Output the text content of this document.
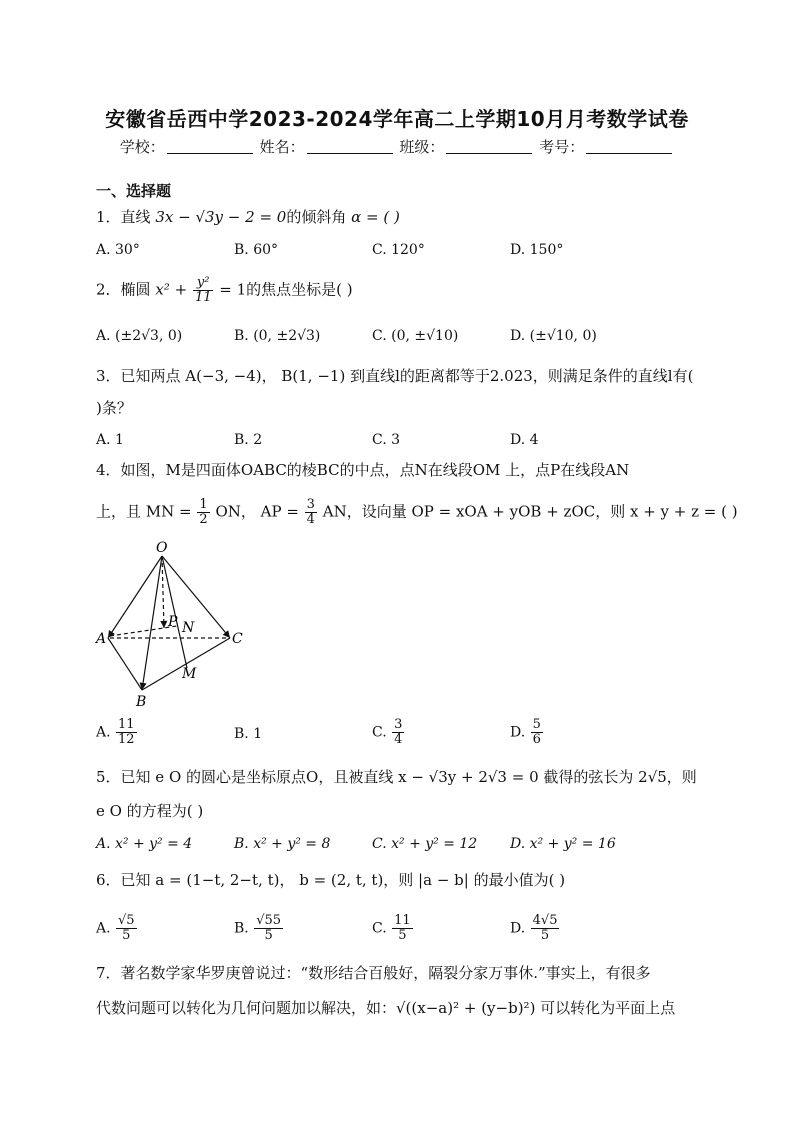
安徽省岳西中学2023-2024学年高二上学期10月月考数学试卷
学校：	姓名：	班级：	考号：
一、选择题
1．直线 3x − √3y − 2 = 0的倾斜角 α = ( )
A. 30°	B. 60°	C. 120°	D. 150°
2．椭圆 $x^2 + \frac{\text{y²}}{11} = 1$的焦点坐标是( )
A. (±2√3, 0)	B. (0, ±2√3)	C. (0, ±√10)	D. (±√10, 0)
3．已知两点 A(−3, −4)， B(1, −1) 到直线l的距离都等于2.023，则满足条件的直线l有(
)条？
A. 1	B. 2	C. 3	D. 4
4．如图，M是四面体OABC的棱BC的中点，点N在线段OM 上，点P在线段AN
上，且 MN = $\frac{1}{2}$ ON， AP = $\frac{3}{4}$ AN，设向量 OP = xOA + yOB + zOC，则 x + y + z = ( )
O
A
B
C
P N
M
A. $\frac{11}{12}$	B. 1	C. $\frac{3}{4}$	D. $\frac{5}{6}$
5．已知 e O 的圆心是坐标原点O，且被直线 x − √3y + 2√3 = 0 截得的弦长为 2√5，则
e O 的方程为( )
A. x² + y² = 4	B. x² + y² = 8	C. x² + y² = 12 D. x² + y² = 16
6．已知 a = (1−t, 2−t, t)， b = (2, t, t)，则 |a − b| 的最小值为( )
A. $\frac{√5}{5}$	B. $\frac{√55}{5}$	C. $\frac{11}{5}$	D. $\frac{4√5}{5}$
7．著名数学家华罗庚曾说过：“数形结合百般好，隔裂分家万事休.”事实上，有很多
代数问题可以转化为几何问题加以解决，如：√((x−a)² + (y−b)²) 可以转化为平面上点
